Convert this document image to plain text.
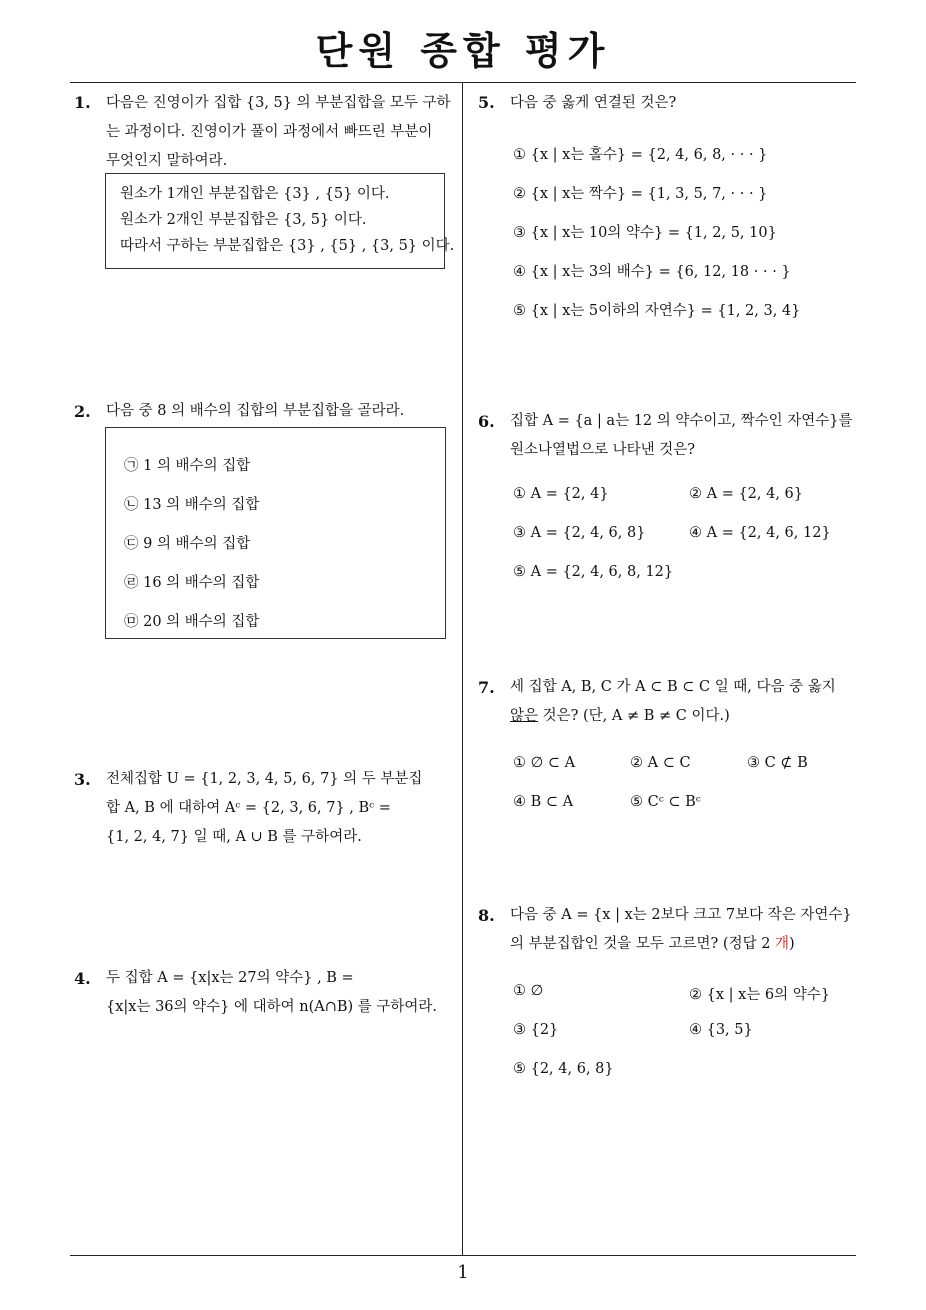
단원 종합 평가
1. 다음은 진영이가 집합 {3, 5} 의 부분집합을 모두 구하
는 과정이다. 진영이가 풀이 과정에서 빠뜨린 부분이
무엇인지 말하여라.
원소가 1개인 부분집합은 {3} , {5} 이다.
원소가 2개인 부분집합은 {3, 5} 이다.
따라서 구하는 부분집합은 {3} , {5} , {3, 5} 이다.
2. 다음 중 8 의 배수의 집합의 부분집합을 골라라.
㉠ 1 의 배수의 집합
㉡ 13 의 배수의 집합
㉢ 9 의 배수의 집합
㉣ 16 의 배수의 집합
㉤ 20 의 배수의 집합
3. 전체집합 U = {1, 2, 3, 4, 5, 6, 7} 의 두 부분집
합 A, B 에 대하여 Aᶜ = {2, 3, 6, 7} , Bᶜ =
{1, 2, 4, 7} 일 때, A ∪ B 를 구하여라.
4. 두 집합 A = {x|x는 27의 약수} , B =
{x|x는 36의 약수} 에 대하여 n(A∩B) 를 구하여라.
5. 다음 중 옳게 연결된 것은?
① {x | x는 홀수} = {2, 4, 6, 8, · · · }
② {x | x는 짝수} = {1, 3, 5, 7, · · · }
③ {x | x는 10의 약수} = {1, 2, 5, 10}
④ {x | x는 3의 배수} = {6, 12, 18 · · · }
⑤ {x | x는 5이하의 자연수} = {1, 2, 3, 4}
6. 집합 A = {a | a는 12 의 약수이고, 짝수인 자연수}를
원소나열법으로 나타낸 것은?
① A = {2, 4}	② A = {2, 4, 6}
③ A = {2, 4, 6, 8}	④ A = {2, 4, 6, 12}
⑤ A = {2, 4, 6, 8, 12}
7. 세 집합 A, B, C 가 A ⊂ B ⊂ C 일 때, 다음 중 옳지
않은 것은? (단, A ≠ B ≠ C 이다.)
① ∅ ⊂ A	② A ⊂ C	③ C ⊄ B
④ B ⊂ A	⑤ Cᶜ ⊂ Bᶜ
8. 다음 중 A = {x | x는 2보다 크고 7보다 작은 자연수}
의 부분집합인 것을 모두 고르면? (정답 2 개)
① ∅	② {x | x는 6의 약수}
③ {2}	④ {3, 5}
⑤ {2, 4, 6, 8}
1
